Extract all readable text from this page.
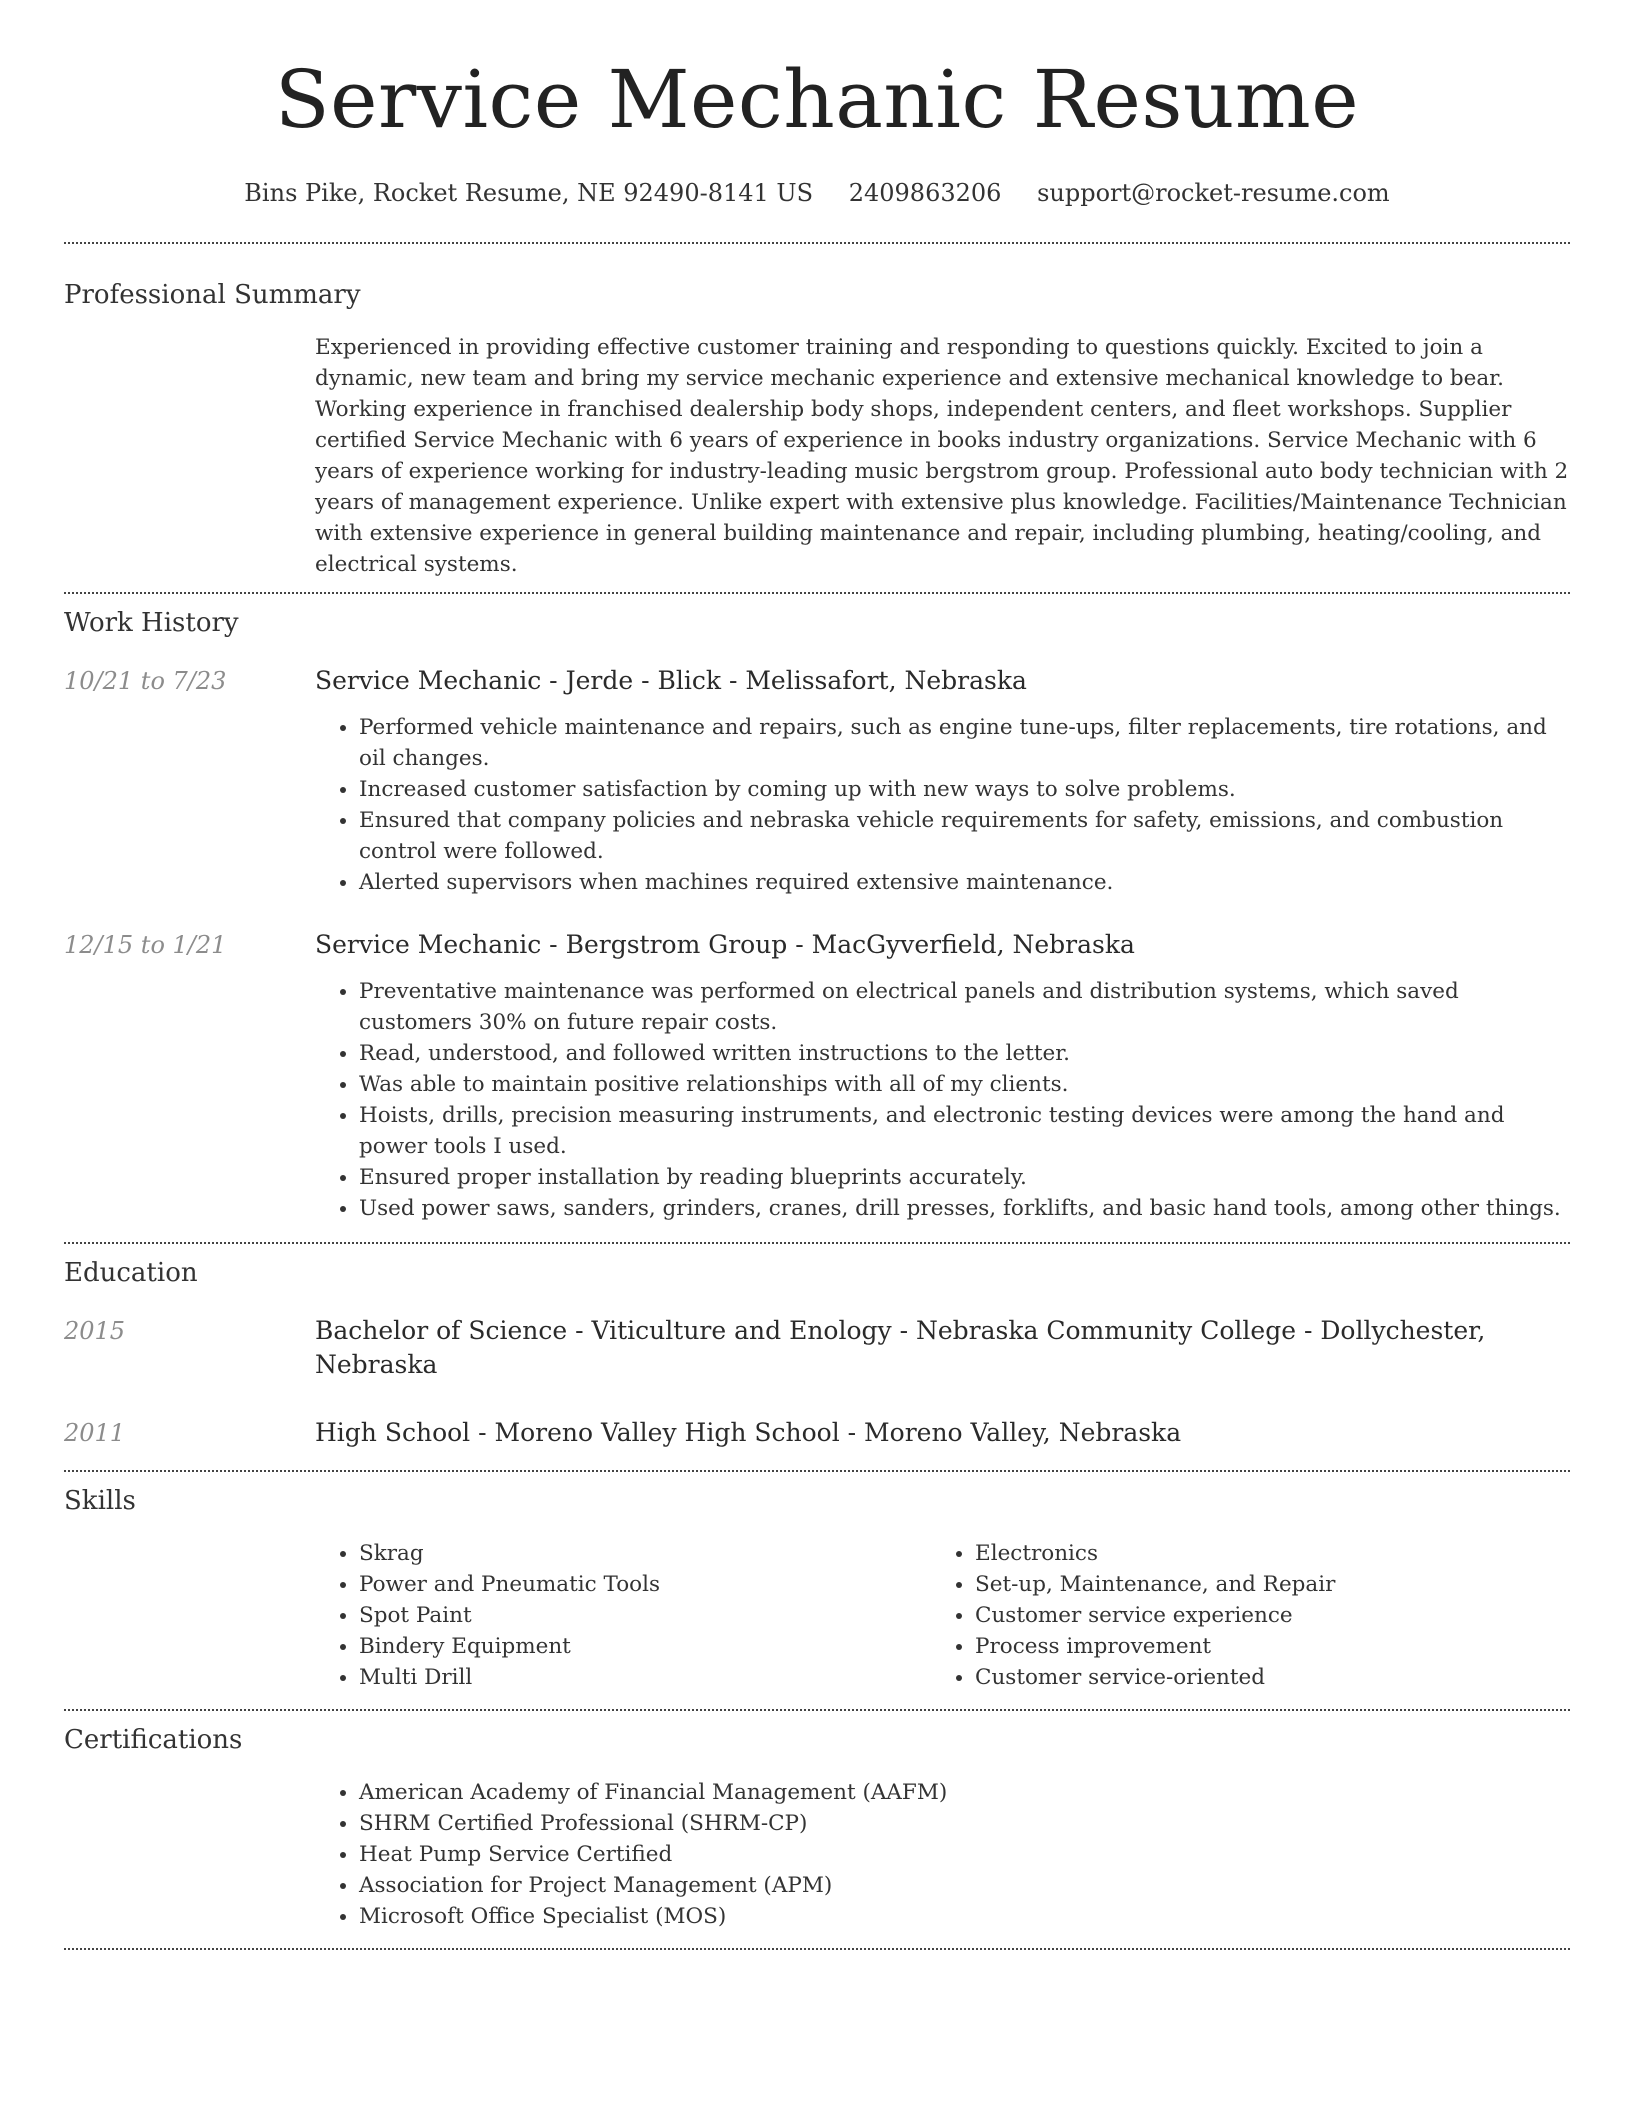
Service Mechanic Resume
Bins Pike, Rocket Resume, NE 92490-8141 US 2409863206 support@rocket-resume.com
Professional Summary
Experienced in providing effective customer training and responding to questions quickly. Excited to join a dynamic, new team and bring my service mechanic experience and extensive mechanical knowledge to bear. Working experience in franchised dealership body shops, independent centers, and fleet workshops. Supplier certified Service Mechanic with 6 years of experience in books industry organizations. Service Mechanic with 6 years of experience working for industry-leading music bergstrom group. Professional auto body technician with 2 years of management experience. Unlike expert with extensive plus knowledge. Facilities/Maintenance Technician with extensive experience in general building maintenance and repair, including plumbing, heating/cooling, and electrical systems.
Work History
10/21 to 7/23	Service Mechanic - Jerde - Blick - Melissafort, Nebraska
• Performed vehicle maintenance and repairs, such as engine tune-ups, filter replacements, tire rotations, and oil changes.
• Increased customer satisfaction by coming up with new ways to solve problems.
• Ensured that company policies and nebraska vehicle requirements for safety, emissions, and combustion control were followed.
• Alerted supervisors when machines required extensive maintenance.
12/15 to 1/21	Service Mechanic - Bergstrom Group - MacGyverfield, Nebraska
• Preventative maintenance was performed on electrical panels and distribution systems, which saved customers 30% on future repair costs.
• Read, understood, and followed written instructions to the letter.
• Was able to maintain positive relationships with all of my clients.
• Hoists, drills, precision measuring instruments, and electronic testing devices were among the hand and power tools I used.
• Ensured proper installation by reading blueprints accurately.
• Used power saws, sanders, grinders, cranes, drill presses, forklifts, and basic hand tools, among other things.
Education
2015	Bachelor of Science - Viticulture and Enology - Nebraska Community College - Dollychester, Nebraska
2011	High School - Moreno Valley High School - Moreno Valley, Nebraska
Skills
• Skrag
• Power and Pneumatic Tools
• Spot Paint
• Bindery Equipment
• Multi Drill
• Electronics
• Set-up, Maintenance, and Repair
• Customer service experience
• Process improvement
• Customer service-oriented
Certifications
• American Academy of Financial Management (AAFM)
• SHRM Certified Professional (SHRM-CP)
• Heat Pump Service Certified
• Association for Project Management (APM)
• Microsoft Office Specialist (MOS)
